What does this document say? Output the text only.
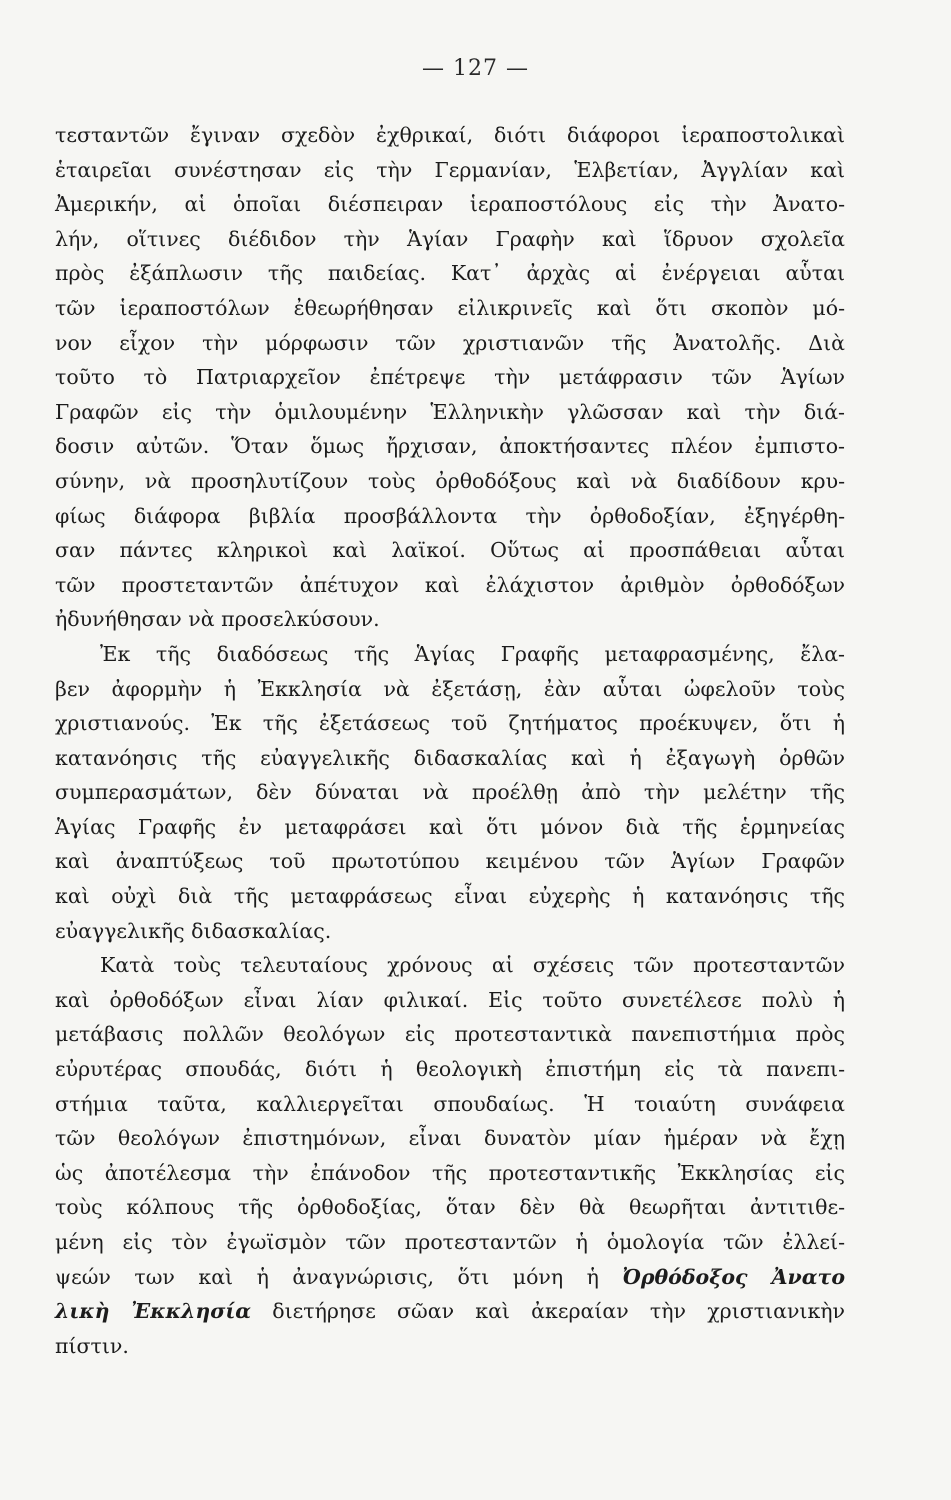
— 127 —
τεσταντῶν ἔγιναν σχεδὸν ἐχθρικαί, διότι διάφοροι ἱεραποστολικαὶ
ἑταιρεῖαι συνέστησαν εἰς τὴν Γερμανίαν, Ἑλβετίαν, Ἀγγλίαν καὶ
Ἀμερικήν, αἱ ὁποῖαι διέσπειραν ἱεραποστόλους εἰς τὴν Ἀνατο-
λήν, οἵτινες διέδιδον τὴν Ἁγίαν Γραφὴν καὶ ἵδρυον σχολεῖα
πρὸς ἐξάπλωσιν τῆς παιδείας. Κατ᾽ ἀρχὰς αἱ ἐνέργειαι αὗται
τῶν ἱεραποστόλων ἐθεωρήθησαν εἰλικρινεῖς καὶ ὅτι σκοπὸν μό-
νον εἶχον τὴν μόρφωσιν τῶν χριστιανῶν τῆς Ἀνατολῆς. Διὰ
τοῦτο τὸ Πατριαρχεῖον ἐπέτρεψε τὴν μετάφρασιν τῶν Ἁγίων
Γραφῶν εἰς τὴν ὁμιλουμένην Ἑλληνικὴν γλῶσσαν καὶ τὴν διά-
δοσιν αὐτῶν. Ὅταν ὅμως ἤρχισαν, ἀποκτήσαντες πλέον ἐμπιστο-
σύνην, νὰ προσηλυτίζουν τοὺς ὀρθοδόξους καὶ νὰ διαδίδουν κρυ-
φίως διάφορα βιβλία προσβάλλοντα τὴν ὀρθοδοξίαν, ἐξηγέρθη-
σαν πάντες κληρικοὶ καὶ λαϊκοί. Οὕτως αἱ προσπάθειαι αὗται
τῶν προστεταντῶν ἀπέτυχον καὶ ἐλάχιστον ἀριθμὸν ὀρθοδόξων
ἠδυνήθησαν νὰ προσελκύσουν.
Ἐκ τῆς διαδόσεως τῆς Ἁγίας Γραφῆς μεταφρασμένης, ἔλα-
βεν ἀφορμὴν ἡ Ἐκκλησία νὰ ἐξετάσῃ, ἐὰν αὗται ὠφελοῦν τοὺς
χριστιανούς. Ἐκ τῆς ἐξετάσεως τοῦ ζητήματος προέκυψεν, ὅτι ἡ
κατανόησις τῆς εὐαγγελικῆς διδασκαλίας καὶ ἡ ἐξαγωγὴ ὀρθῶν
συμπερασμάτων, δὲν δύναται νὰ προέλθῃ ἀπὸ τὴν μελέτην τῆς
Ἁγίας Γραφῆς ἐν μεταφράσει καὶ ὅτι μόνον διὰ τῆς ἑρμηνείας
καὶ ἀναπτύξεως τοῦ πρωτοτύπου κειμένου τῶν Ἁγίων Γραφῶν
καὶ οὐχὶ διὰ τῆς μεταφράσεως εἶναι εὐχερὴς ἡ κατανόησις τῆς
εὐαγγελικῆς διδασκαλίας.
Κατὰ τοὺς τελευταίους χρόνους αἱ σχέσεις τῶν προτεσταντῶν
καὶ ὀρθοδόξων εἶναι λίαν φιλικαί. Εἰς τοῦτο συνετέλεσε πολὺ ἡ
μετάβασις πολλῶν θεολόγων εἰς προτεσταντικὰ πανεπιστήμια πρὸς
εὐρυτέρας σπουδάς, διότι ἡ θεολογικὴ ἐπιστήμη εἰς τὰ πανεπι-
στήμια ταῦτα, καλλιεργεῖται σπουδαίως. Ἡ τοιαύτη συνάφεια
τῶν θεολόγων ἐπιστημόνων, εἶναι δυνατὸν μίαν ἡμέραν νὰ ἔχῃ
ὡς ἀποτέλεσμα τὴν ἐπάνοδον τῆς προτεσταντικῆς Ἐκκλησίας εἰς
τοὺς κόλπους τῆς ὀρθοδοξίας, ὅταν δὲν θὰ θεωρῆται ἀντιτιθε-
μένη εἰς τὸν ἐγωϊσμὸν τῶν προτεσταντῶν ἡ ὁμολογία τῶν ἐλλεί-
ψεών των καὶ ἡ ἀναγνώρισις, ὅτι μόνη ἡ Ὀρθόδοξος Ἀνατο
λικὴ Ἐκκλησία διετήρησε σῶαν καὶ ἀκεραίαν τὴν χριστιανικὴν
πίστιν.
